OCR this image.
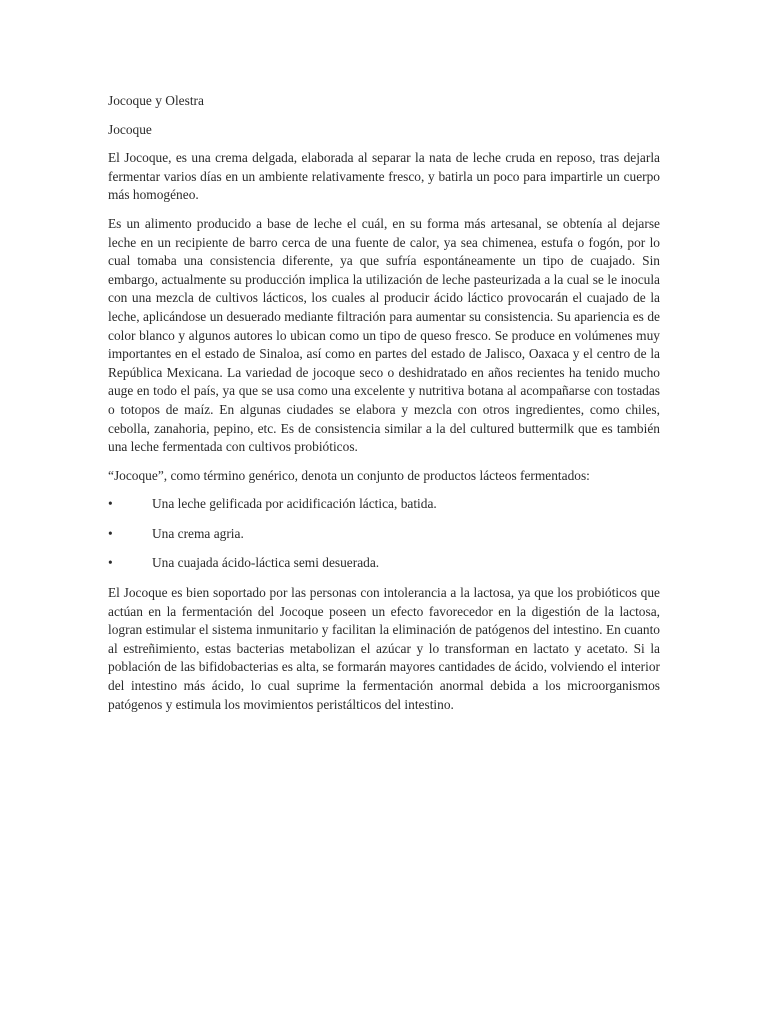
Jocoque y Olestra
Jocoque

El Jocoque, es una crema delgada, elaborada al separar la nata de leche cruda en reposo, tras dejarla fermentar varios días en un ambiente relativamente fresco, y batirla un poco para impartirle un cuerpo más homogéneo.

Es un alimento producido a base de leche el cuál, en su forma más artesanal, se obtenía al dejarse leche en un recipiente de barro cerca de una fuente de calor, ya sea chimenea, estufa o fogón, por lo cual tomaba una consistencia diferente, ya que sufría espontáneamente un tipo de cuajado. Sin embargo, actualmente su producción implica la utilización de leche pasteurizada a la cual se le inocula con una mezcla de cultivos lácticos, los cuales al producir ácido láctico provocarán el cuajado de la leche, aplicándose un desuerado mediante filtración para aumentar su consistencia. Su apariencia es de color blanco y algunos autores lo ubican como un tipo de queso fresco. Se produce en volúmenes muy importantes en el estado de Sinaloa, así como en partes del estado de Jalisco, Oaxaca y el centro de la República Mexicana. La variedad de jocoque seco o deshidratado en años recientes ha tenido mucho auge en todo el país, ya que se usa como una excelente y nutritiva botana al acompañarse con tostadas o totopos de maíz. En algunas ciudades se elabora y mezcla con otros ingredientes, como chiles, cebolla, zanahoria, pepino, etc. Es de consistencia similar a la del cultured buttermilk que es también una leche fermentada con cultivos probióticos.

“Jocoque”, como término genérico, denota un conjunto de productos lácteos fermentados:

•	Una leche gelificada por acidificación láctica, batida.
•	Una crema agria.
•	Una cuajada ácido-láctica semi desuerada.

El Jocoque es bien soportado por las personas con intolerancia a la lactosa, ya que los probióticos que actúan en la fermentación del Jocoque poseen un efecto favorecedor en la digestión de la lactosa, logran estimular el sistema inmunitario y facilitan la eliminación de patógenos del intestino. En cuanto al estreñimiento, estas bacterias metabolizan el azúcar y lo transforman en lactato y acetato. Si la población de las bifidobacterias es alta, se formarán mayores cantidades de ácido, volviendo el interior del intestino más ácido, lo cual suprime la fermentación anormal debida a los microorganismos patógenos y estimula los movimientos peristálticos del intestino.
